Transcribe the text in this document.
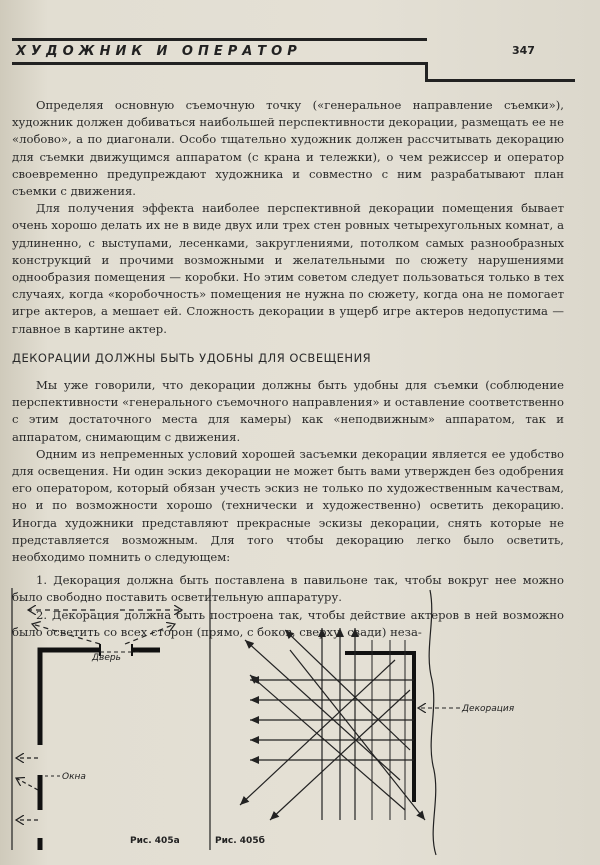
ХУДОЖНИК И ОПЕРАТОР	347

Определяя основную съемочную точку («генеральное направление съемки»), художник должен добиваться наибольшей перспективности декорации, размещать ее не «лобово», а по диагонали. Особо тщательно художник должен рассчитывать декорацию для съемки движущимся аппаратом (с крана и тележки), о чем режиссер и оператор своевременно предупреждают художника и совместно с ним разрабатывают план съемки с движения.

Для получения эффекта наиболее перспективной декорации помещения бывает очень хорошо делать их не в виде двух или трех стен ровных четырехугольных комнат, а удлиненно, с выступами, лесенками, закруглениями, потолком самых разнообразных конструкций и прочими возможными и желательными по сюжету нарушениями однообразия помещения — коробки. Но этим советом следует пользоваться только в тех случаях, когда «коробочность» помещения не нужна по сюжету, когда она не помогает игре актеров, а мешает ей. Сложность декорации в ущерб игре актеров недопустима — главное в картине актер.

ДЕКОРАЦИИ ДОЛЖНЫ БЫТЬ УДОБНЫ ДЛЯ ОСВЕЩЕНИЯ

Мы уже говорили, что декорации должны быть удобны для съемки (соблюдение перспективности «генерального съемочного направления» и оставление соответственно с этим достаточного места для камеры) как «неподвижным» аппаратом, так и аппаратом, снимающим с движения.

Одним из непременных условий хорошей засъемки декорации является ее удобство для освещения. Ни один эскиз декорации не может быть вами утвержден без одобрения его оператором, который обязан учесть эскиз не только по художественным качествам, но и по возможности хорошо (технически и художественно) осветить декорацию. Иногда художники представляют прекрасные эскизы декорации, снять которые не представляется возможным. Для того чтобы декорацию легко было осветить, необходимо помнить о следующем:

1. Декорация должна быть поставлена в павильоне так, чтобы вокруг нее можно было свободно поставить осветительную аппаратуру.

2. Декорация должна быть построена так, чтобы действие актеров в ней возможно было осветить со всех сторон (прямо, с боков, сверху, сзади) неза-

Дверь
Окна
Рис. 405а
Декорация
Рис. 405б
